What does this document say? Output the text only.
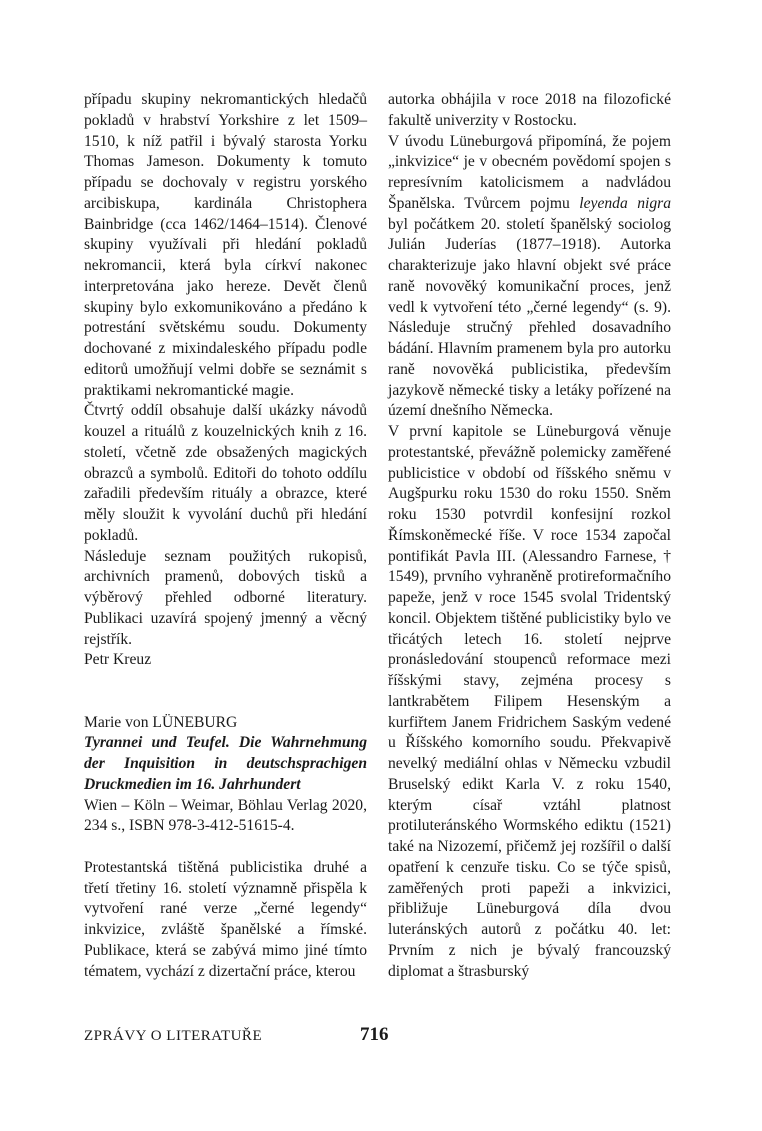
případu skupiny nekromantických hledačů pokladů v hrabství Yorkshire z let 1509–1510, k níž patřil i bývalý starosta Yorku Thomas Jameson. Dokumenty k tomuto případu se dochovaly v registru yorského arcibiskupa, kardinála Christophera Bainbridge (cca 1462/1464–1514). Členové skupiny využívali při hledání pokladů nekromancii, která byla církví nakonec interpretována jako hereze. Devět členů skupiny bylo exkomunikováno a předáno k potrestání světskému soudu. Dokumenty dochované z mixindaleského případu podle editorů umožňují velmi dobře se seznámit s praktikami nekromantické magie.

Čtvrtý oddíl obsahuje další ukázky návodů kouzel a rituálů z kouzelnických knih z 16. století, včetně zde obsažených magických obrazců a symbolů. Editoři do tohoto oddílu zařadili především rituály a obrazce, které měly sloužit k vyvolání duchů při hledání pokladů.

Následuje seznam použitých rukopisů, archivních pramenů, dobových tisků a výběrový přehled odborné literatury. Publikaci uzavírá spojený jmenný a věcný rejstřík.

Petr Kreuz

Marie von LÜNEBURG

Tyrannei und Teufel. Die Wahrnehmung der Inquisition in deutschsprachigen Druckmedien im 16. Jahrhundert

Wien – Köln – Weimar, Böhlau Verlag 2020, 234 s., ISBN 978-3-412-51615-4.

Protestantská tištěná publicistika druhé a třetí třetiny 16. století významně přispěla k vytvoření rané verze „černé legendy“ inkvizice, zvláště španělské a římské. Publikace, která se zabývá mimo jiné tímto tématem, vychází z dizertační práce, kterou

autorka obhájila v roce 2018 na filozofické fakultě univerzity v Rostocku.

V úvodu Lüneburgová připomíná, že pojem „inkvizice“ je v obecném povědomí spojen s represívním katolicismem a nadvládou Španělska. Tvůrcem pojmu leyenda nigra byl počátkem 20. století španělský sociolog Julián Juderías (1877–1918). Autorka charakterizuje jako hlavní objekt své práce raně novověký komunikační proces, jenž vedl k vytvoření této „černé legendy“ (s. 9). Následuje stručný přehled dosavadního bádání. Hlavním pramenem byla pro autorku raně novověká publicistika, především jazykově německé tisky a letáky pořízené na území dnešního Německa.

V první kapitole se Lüneburgová věnuje protestantské, převážně polemicky zaměřené publicistice v období od říšského sněmu v Augšpurku roku 1530 do roku 1550. Sněm roku 1530 potvrdil konfesijní rozkol Římskoněmecké říše. V roce 1534 započal pontifikát Pavla III. (Alessandro Farnese, † 1549), prvního vyhraněně protireformačního papeže, jenž v roce 1545 svolal Tridentský koncil. Objektem tištěné publicistiky bylo ve třicátých letech 16. století nejprve pronásledování stoupenců reformace mezi říšskými stavy, zejména procesy s lantkrabětem Filipem Hesenským a kurfiřtem Janem Fridrichem Saským vedené u Říšského komorního soudu. Překvapivě nevelký mediální ohlas v Německu vzbudil Bruselský edikt Karla V. z roku 1540, kterým císař vztáhl platnost protiluteránského Wormského ediktu (1521) také na Nizozemí, přičemž jej rozšířil o další opatření k cenzuře tisku. Co se týče spisů, zaměřených proti papeži a inkvizici, přibližuje Lüneburgová díla dvou luteránských autorů z počátku 40. let: Prvním z nich je bývalý francouzský diplomat a štrasburský

ZPRÁVY O LITERATUŘE	716
